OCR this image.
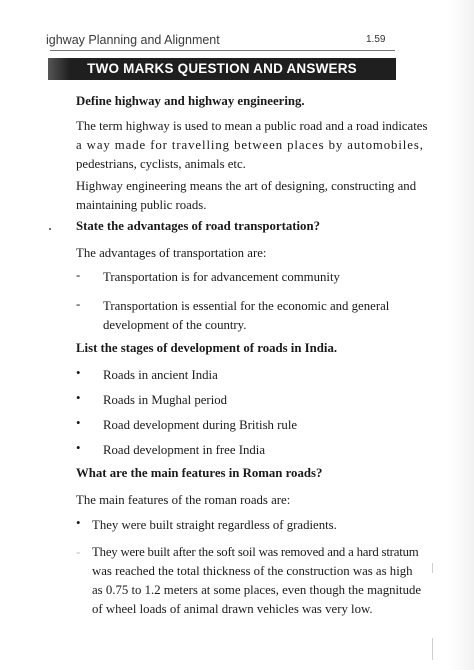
ighway Planning and Alignment	1.59
TWO MARKS QUESTION AND ANSWERS
Define highway and highway engineering.
The term highway is used to mean a public road and a road indicates
a way made for travelling between places by automobiles,
pedestrians, cyclists, animals etc.
Highway engineering means the art of designing, constructing and
maintaining public roads.
State the advantages of road transportation?
The advantages of transportation are:
- Transportation is for advancement community
- Transportation is essential for the economic and general
development of the country.
List the stages of development of roads in India.
• Roads in ancient India
• Roads in Mughal period
• Road development during British rule
• Road development in free India
What are the main features in Roman roads?
The main features of the roman roads are:
• They were built straight regardless of gradients.
- They were built after the soft soil was removed and a hard stratum
was reached the total thickness of the construction was as high
as 0.75 to 1.2 meters at some places, even though the magnitude
of wheel loads of animal drawn vehicles was very low.
